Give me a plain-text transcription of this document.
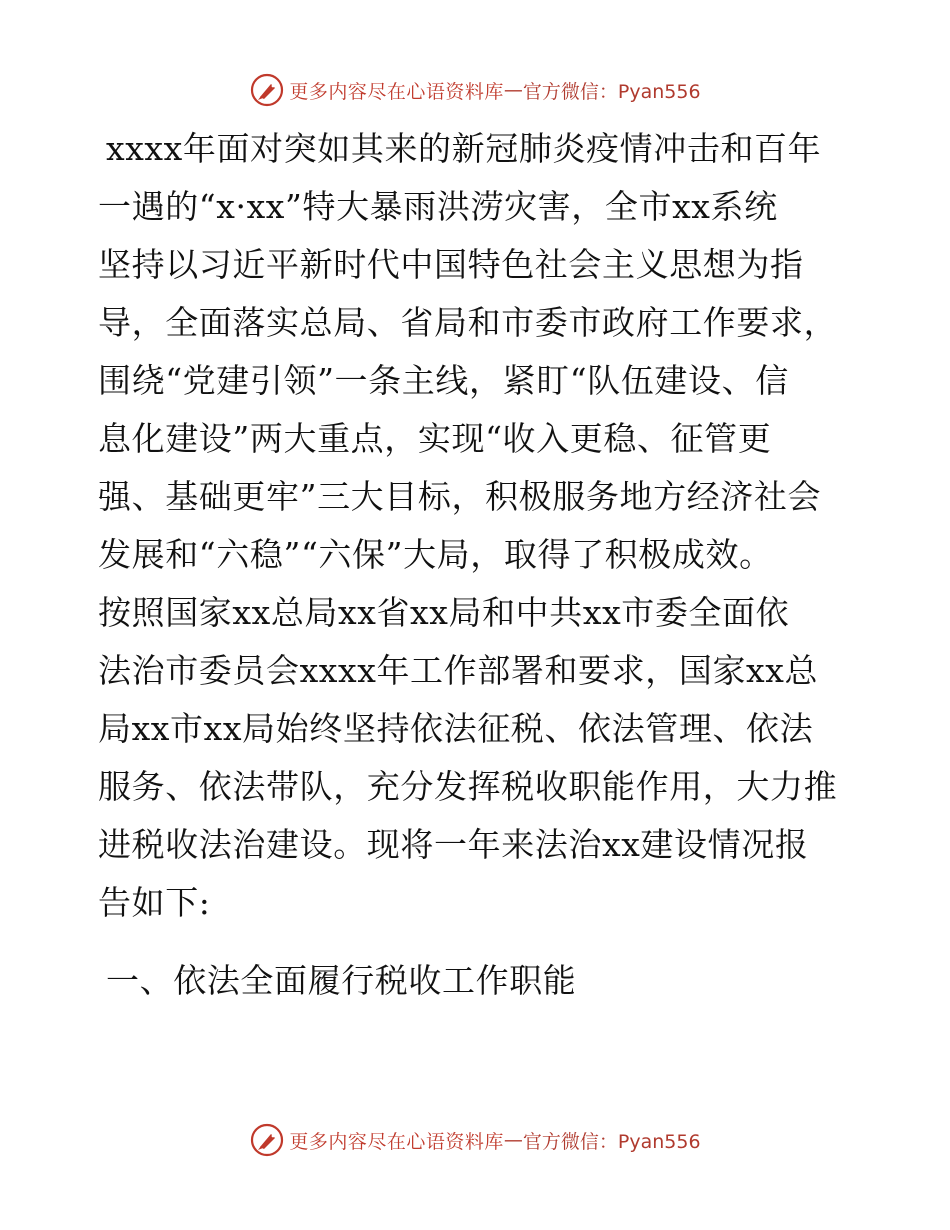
更多内容尽在心语资料库 — 官方微信：Pyan556
xxxx年面对突如其来的新冠肺炎疫情冲击和百年
一遇的“x·xx”特大暴雨洪涝灾害，全市xx系统
坚持以习近平新时代中国特色社会主义思想为指
导，全面落实总局、省局和市委市政府工作要求，
围绕“党建引领”一条主线，紧盯“队伍建设、信
息化建设”两大重点，实现“收入更稳、征管更
强、基础更牢”三大目标，积极服务地方经济社会
发展和“六稳”“六保”大局，取得了积极成效。
按照国家xx总局xx省xx局和中共xx市委全面依
法治市委员会xxxx年工作部署和要求，国家xx总
局xx市xx局始终坚持依法征税、依法管理、依法
服务、依法带队，充分发挥税收职能作用，大力推
进税收法治建设。现将一年来法治xx建设情况报
告如下:
一、依法全面履行税收工作职能
更多内容尽在心语资料库 — 官方微信：Pyan556
